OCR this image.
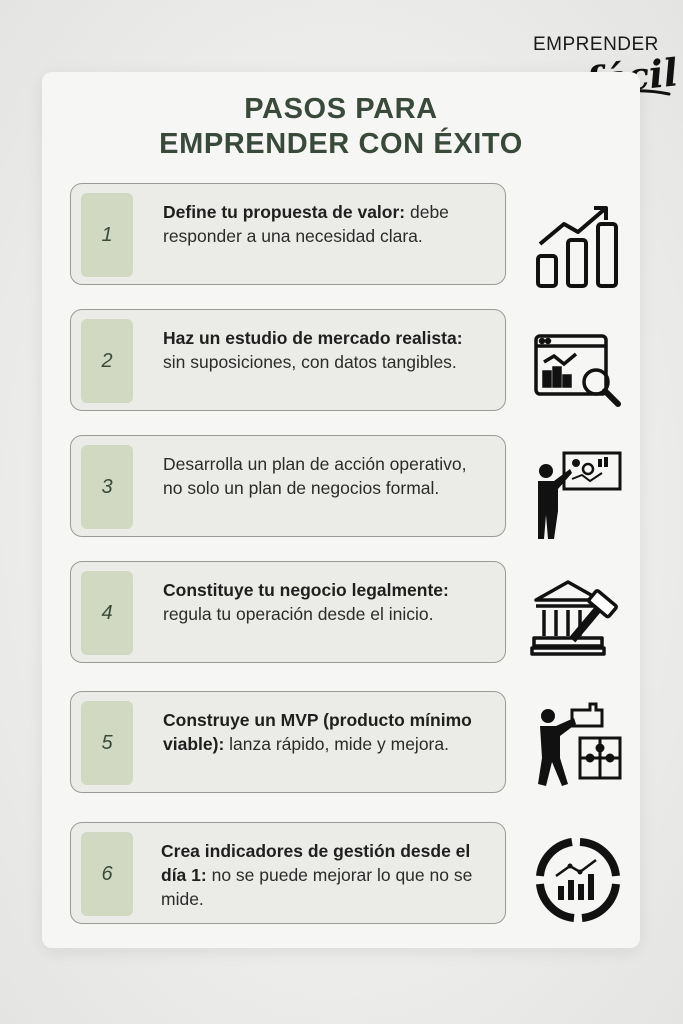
EMPRENDER
PASOS PARA
EMPRENDER CON ÉXITO
1
Define tu propuesta de valor: debe responder a una necesidad clara.
2
Haz un estudio de mercado realista: sin suposiciones, con datos tangibles.
3
Desarrolla un plan de acción operativo, no solo un plan de negocios formal.
4
Constituye tu negocio legalmente: regula tu operación desde el inicio.
5
Construye un MVP (producto mínimo viable): lanza rápido, mide y mejora.
6
Crea indicadores de gestión desde el día 1: no se puede mejorar lo que no se mide.
